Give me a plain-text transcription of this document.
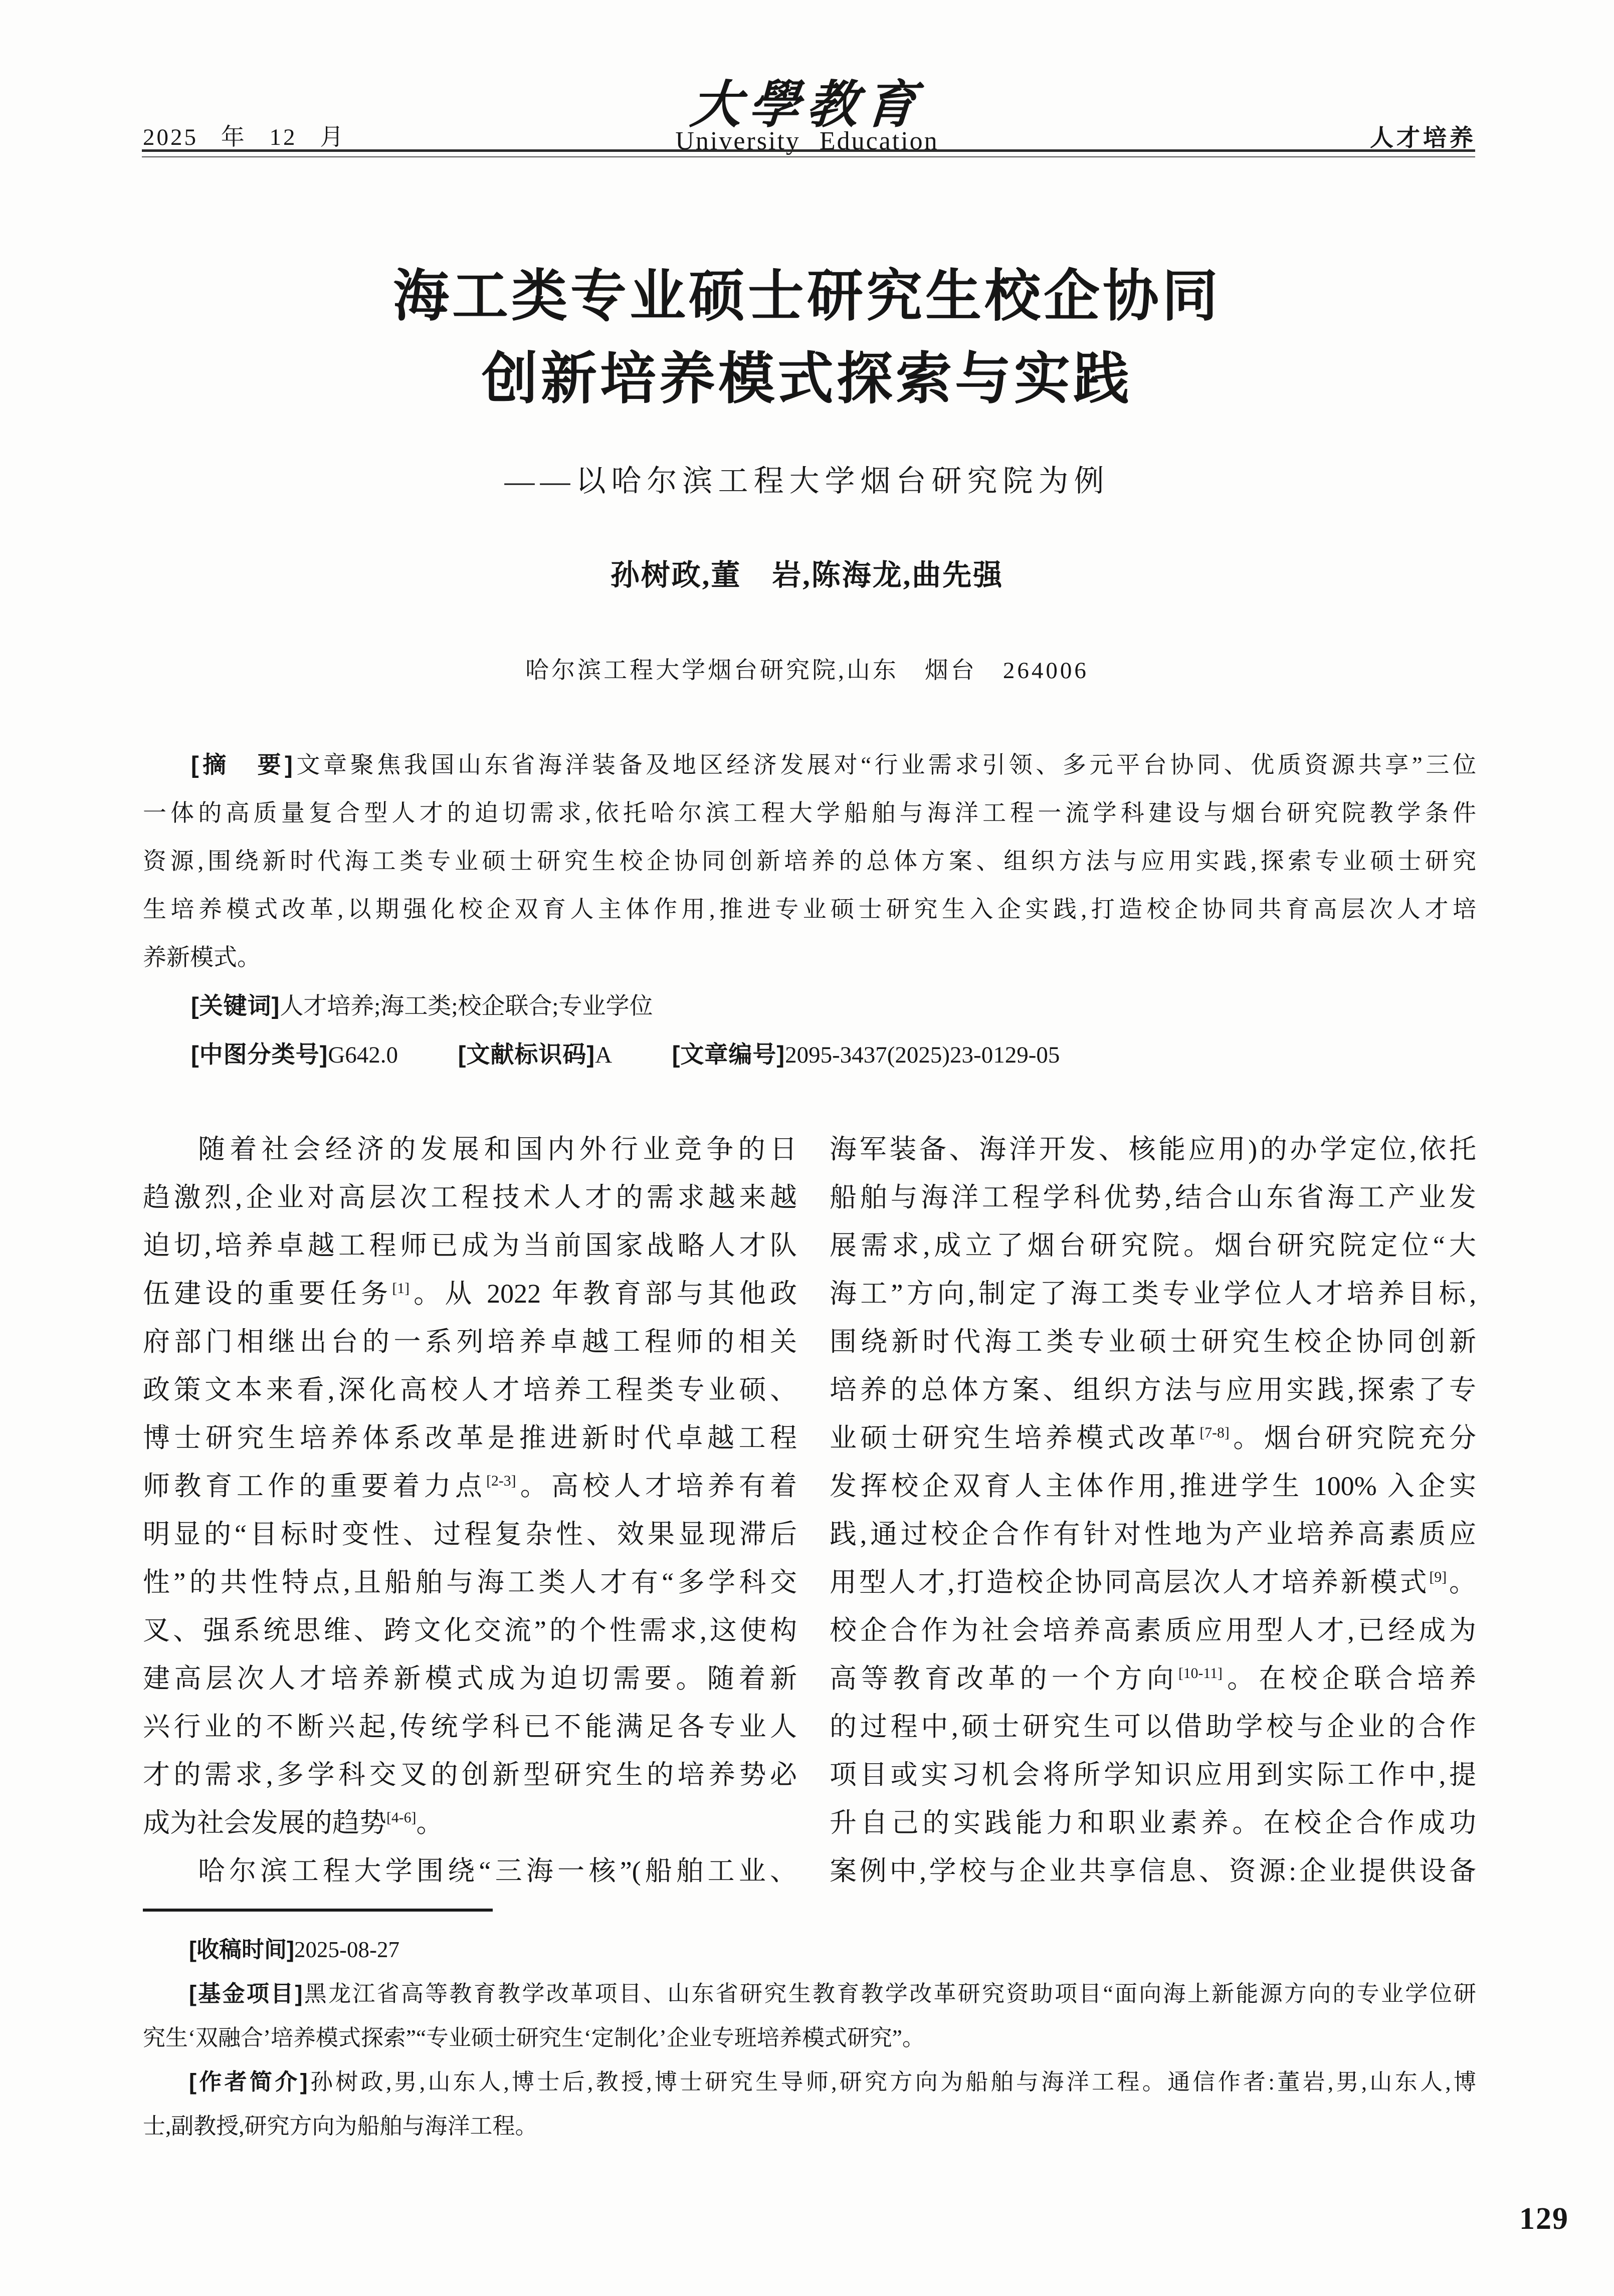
2025 年 12 月
大學教育
University Education	人才培养
海工类专业硕士研究生校企协同
创新培养模式探索与实践
——以哈尔滨工程大学烟台研究院为例
孙树政,董　岩,陈海龙,曲先强
哈尔滨工程大学烟台研究院,山东　烟台　264006
[摘　要]文章聚焦我国山东省海洋装备及地区经济发展对“行业需求引领、多元平台协同、优质资源共享”三位
一体的高质量复合型人才的迫切需求,依托哈尔滨工程大学船舶与海洋工程一流学科建设与烟台研究院教学条件
资源,围绕新时代海工类专业硕士研究生校企协同创新培养的总体方案、组织方法与应用实践,探索专业硕士研究
生培养模式改革,以期强化校企双育人主体作用,推进专业硕士研究生入企实践,打造校企协同共育高层次人才培
养新模式。
[关键词]人才培养;海工类;校企联合;专业学位
[中图分类号]G642.0	[文献标识码]A	[文章编号]2095-3437(2025)23-0129-05
随着社会经济的发展和国内外行业竞争的日
趋激烈,企业对高层次工程技术人才的需求越来越
迫切,培养卓越工程师已成为当前国家战略人才队
伍建设的重要任务[1]。从 2022 年教育部与其他政
府部门相继出台的一系列培养卓越工程师的相关
政策文本来看,深化高校人才培养工程类专业硕、
博士研究生培养体系改革是推进新时代卓越工程
师教育工作的重要着力点[2-3]。高校人才培养有着
明显的“目标时变性、过程复杂性、效果显现滞后
性”的共性特点,且船舶与海工类人才有“多学科交
叉、强系统思维、跨文化交流”的个性需求,这使构
建高层次人才培养新模式成为迫切需要。随着新
兴行业的不断兴起,传统学科已不能满足各专业人
才的需求,多学科交叉的创新型研究生的培养势必
成为社会发展的趋势[4-6]。
哈尔滨工程大学围绕“三海一核”(船舶工业、
海军装备、海洋开发、核能应用)的办学定位,依托
船舶与海洋工程学科优势,结合山东省海工产业发
展需求,成立了烟台研究院。烟台研究院定位“大
海工”方向,制定了海工类专业学位人才培养目标,
围绕新时代海工类专业硕士研究生校企协同创新
培养的总体方案、组织方法与应用实践,探索了专
业硕士研究生培养模式改革[7-8]。烟台研究院充分
发挥校企双育人主体作用,推进学生 100% 入企实
践,通过校企合作有针对性地为产业培养高素质应
用型人才,打造校企协同高层次人才培养新模式[9]。
校企合作为社会培养高素质应用型人才,已经成为
高等教育改革的一个方向[10-11]。在校企联合培养
的过程中,硕士研究生可以借助学校与企业的合作
项目或实习机会将所学知识应用到实际工作中,提
升自己的实践能力和职业素养。在校企合作成功
案例中,学校与企业共享信息、资源:企业提供设备
[收稿时间]2025-08-27
[基金项目]黑龙江省高等教育教学改革项目、山东省研究生教育教学改革研究资助项目“面向海上新能源方向的专业学位研
究生‘双融合’培养模式探索”“专业硕士研究生‘定制化’企业专班培养模式研究”。
[作者简介]孙树政,男,山东人,博士后,教授,博士研究生导师,研究方向为船舶与海洋工程。通信作者:董岩,男,山东人,博
士,副教授,研究方向为船舶与海洋工程。
129
